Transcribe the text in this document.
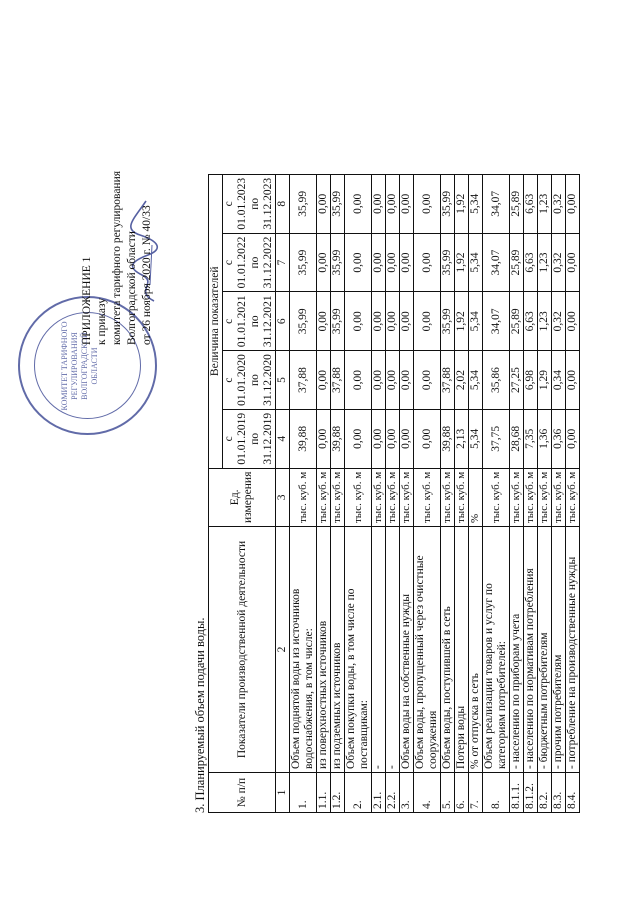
КОМИТЕТ ТАРИФНОГО РЕГУЛИРОВАНИЯ ВОЛГОГРАДСКОЙ ОБЛАСТИ
ПРИЛОЖЕНИЕ 1 к приказу комитета тарифного регулирования Волгоградской области от 26 ноября 2020 г. № 40/33
3. Планируемый объем подачи воды. № п/п	Показатели производственной деятельности	Ед. измерения	Величина показателей				
			с 01.01.2019 по 31.12.2019	с 01.01.2020 по 31.12.2020	с 01.01.2021 по 31.12.2021	с 01.01.2022 по 31.12.2022	с 01.01.2023 по 31.12.2023
1	2	3	4	5	6	7	8
1.	Объем поднятой воды из источников водоснабжения, в том числе:	тыс. куб. м	39,88	37,88	35,99	35,99	35,99
1.1.	из поверхностных источников	тыс. куб. м	0,00	0,00	0,00	0,00	0,00
1.2.	из подземных источников	тыс. куб. м	39,88	37,88	35,99	35,99	35,99
2.	Объем покупки воды, в том числе по поставщикам:	тыс. куб. м	0,00	0,00	0,00	0,00	0,00
2.1.	-	тыс. куб. м	0,00	0,00	0,00	0,00	0,00
2.2.	-	тыс. куб. м	0,00	0,00	0,00	0,00	0,00
3.	Объем воды на собственные нужды	тыс. куб. м	0,00	0,00	0,00	0,00	0,00
4.	Объем воды, пропущенный через очистные сооружения	тыс. куб. м	0,00	0,00	0,00	0,00	0,00
5.	Объем воды, поступившей в сеть	тыс. куб. м	39,88	37,88	35,99	35,99	35,99
6.	Потери воды	тыс. куб. м	2,13	2,02	1,92	1,92	1,92
7.	% от отпуска в сеть	%	5,34	5,34	5,34	5,34	5,34
8.	Объем реализации товаров и услуг по категориям потребителей:	тыс. куб. м	37,75	35,86	34,07	34,07	34,07
8.1.1.	- населению по приборам учета	тыс. куб. м	28,68	27,25	25,89	25,89	25,89
8.1.2.	- населению по нормативам потребления	тыс. куб. м	7,35	6,98	6,63	6,63	6,63
8.2.	- бюджетным потребителям	тыс. куб. м	1,36	1,29	1,23	1,23	1,23
8.3.	- прочим потребителям	тыс. куб. м	0,36	0,34	0,32	0,32	0,32
8.4.	- потребление на производственные нужды	тыс. куб. м	0,00	0,00	0,00	0,00	0,00
